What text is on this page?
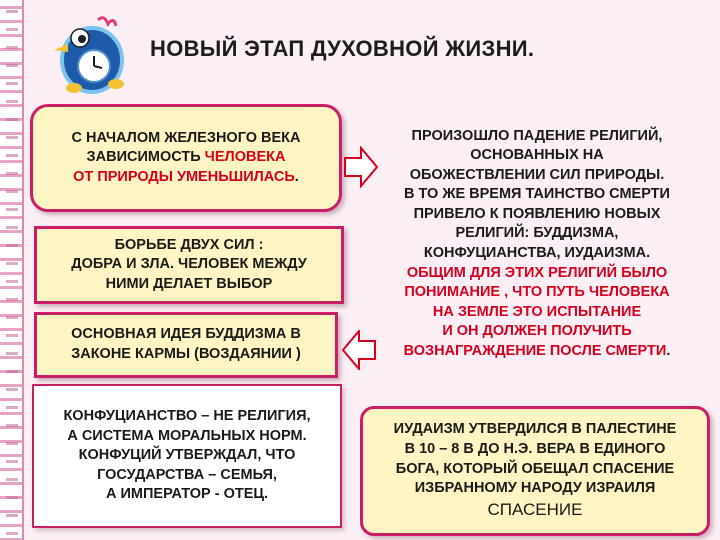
НОВЫЙ ЭТАП ДУХОВНОЙ ЖИЗНИ.
С НАЧАЛОМ ЖЕЛЕЗНОГО ВЕКА
ЗАВИСИМОСТЬ ЧЕЛОВЕКА
ОТ ПРИРОДЫ УМЕНЬШИЛАСЬ.
БОРЬБЕ ДВУХ СИЛ :
ДОБРА И ЗЛА. ЧЕЛОВЕК МЕЖДУ
НИМИ ДЕЛАЕТ ВЫБОР
ОСНОВНАЯ ИДЕЯ БУДДИЗМА В
ЗАКОНЕ КАРМЫ (ВОЗДАЯНИИ )
КОНФУЦИАНСТВО – НЕ РЕЛИГИЯ,
А СИСТЕМА МОРАЛЬНЫХ НОРМ.
КОНФУЦИЙ УТВЕРЖДАЛ, ЧТО
ГОСУДАРСТВА – СЕМЬЯ,
А ИМПЕРАТОР - ОТЕЦ.
ПРОИЗОШЛО ПАДЕНИЕ РЕЛИГИЙ,
ОСНОВАННЫХ НА
ОБОЖЕСТВЛЕНИИ СИЛ ПРИРОДЫ.
В ТО ЖЕ ВРЕМЯ ТАИНСТВО СМЕРТИ
ПРИВЕЛО К ПОЯВЛЕНИЮ НОВЫХ
РЕЛИГИЙ: БУДДИЗМА,
КОНФУЦИАНСТВА, ИУДАИЗМА.
ОБЩИМ ДЛЯ ЭТИХ РЕЛИГИЙ БЫЛО
ПОНИМАНИЕ , ЧТО ПУТЬ ЧЕЛОВЕКА
НА ЗЕМЛЕ ЭТО ИСПЫТАНИЕ
И ОН ДОЛЖЕН ПОЛУЧИТЬ
ВОЗНАГРАЖДЕНИЕ ПОСЛЕ СМЕРТИ.
ИУДАИЗМ УТВЕРДИЛСЯ В ПАЛЕСТИНЕ
В 10 – 8 В ДО Н.Э. ВЕРА В ЕДИНОГО
БОГА, КОТОРЫЙ ОБЕЩАЛ СПАСЕНИЕ
ИЗБРАННОМУ НАРОДУ ИЗРАИЛЯ
СПАСЕНИЕ
